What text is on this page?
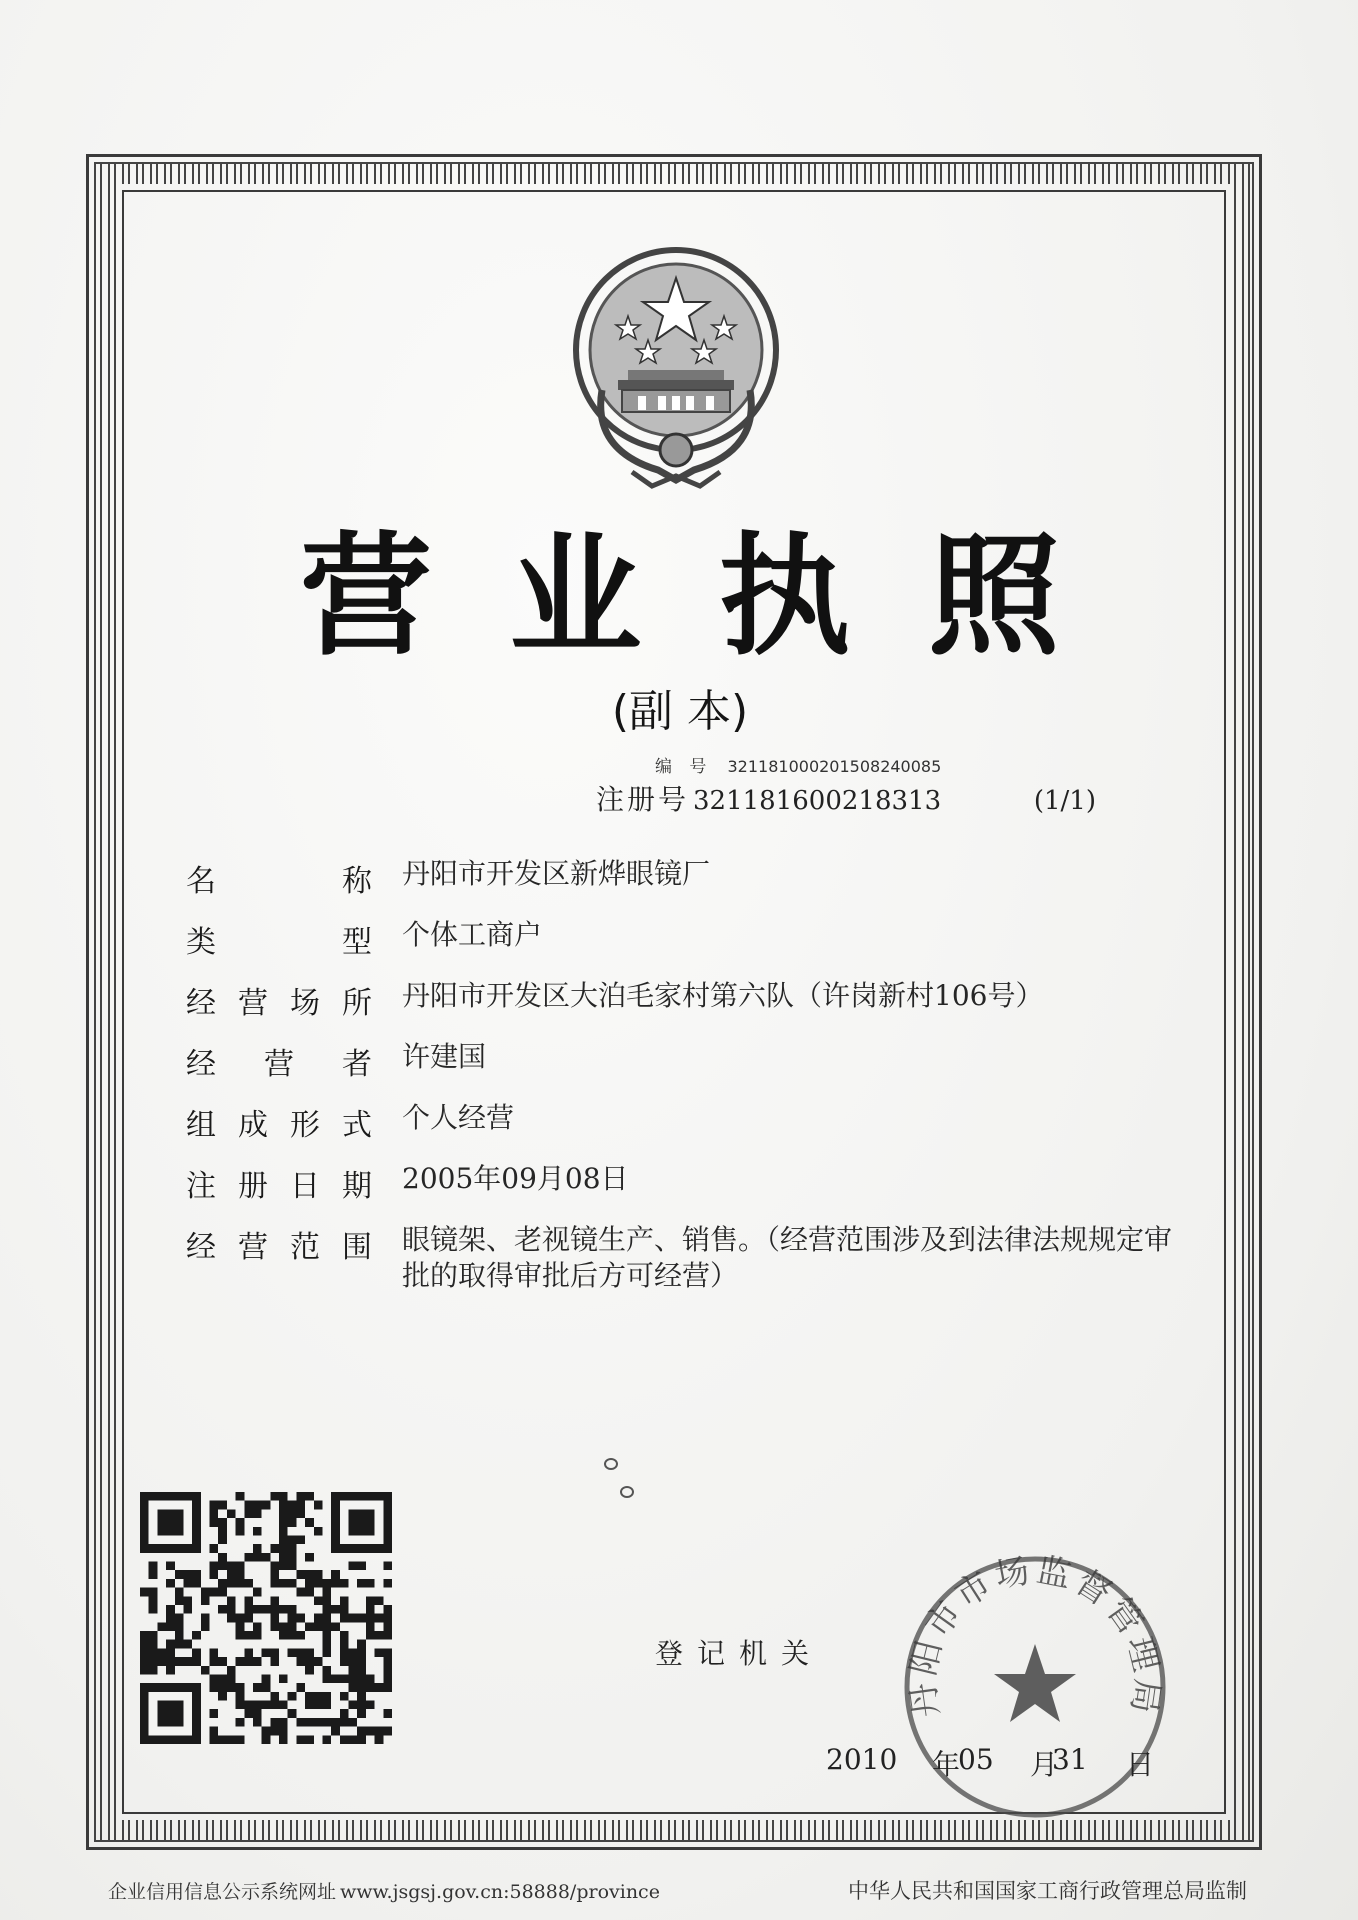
营 业 执 照
(副 本)
编 号 321181000201508240085
注册号 321181600218313	(1/1)
名	称 丹阳市开发区新烨眼镜厂
类	型 个体工商户
经 营 场 所 丹阳市开发区大泊毛家村第六队（许岗新村106号）
经 营 者 许建国
组 成 形 式 个人经营
注 册 日 期 2005年09月08日
经 营 范 围 眼镜架、老视镜生产、销售。（经营范围涉及到法律法规规定审批的取得审批后方可经营）
登记机关
丹阳市市场监督管理局
2010 年
05 月
31 日
企业信用信息公示系统网址 www.jsgsj.gov.cn:58888/province	中华人民共和国国家工商行政管理总局监制
